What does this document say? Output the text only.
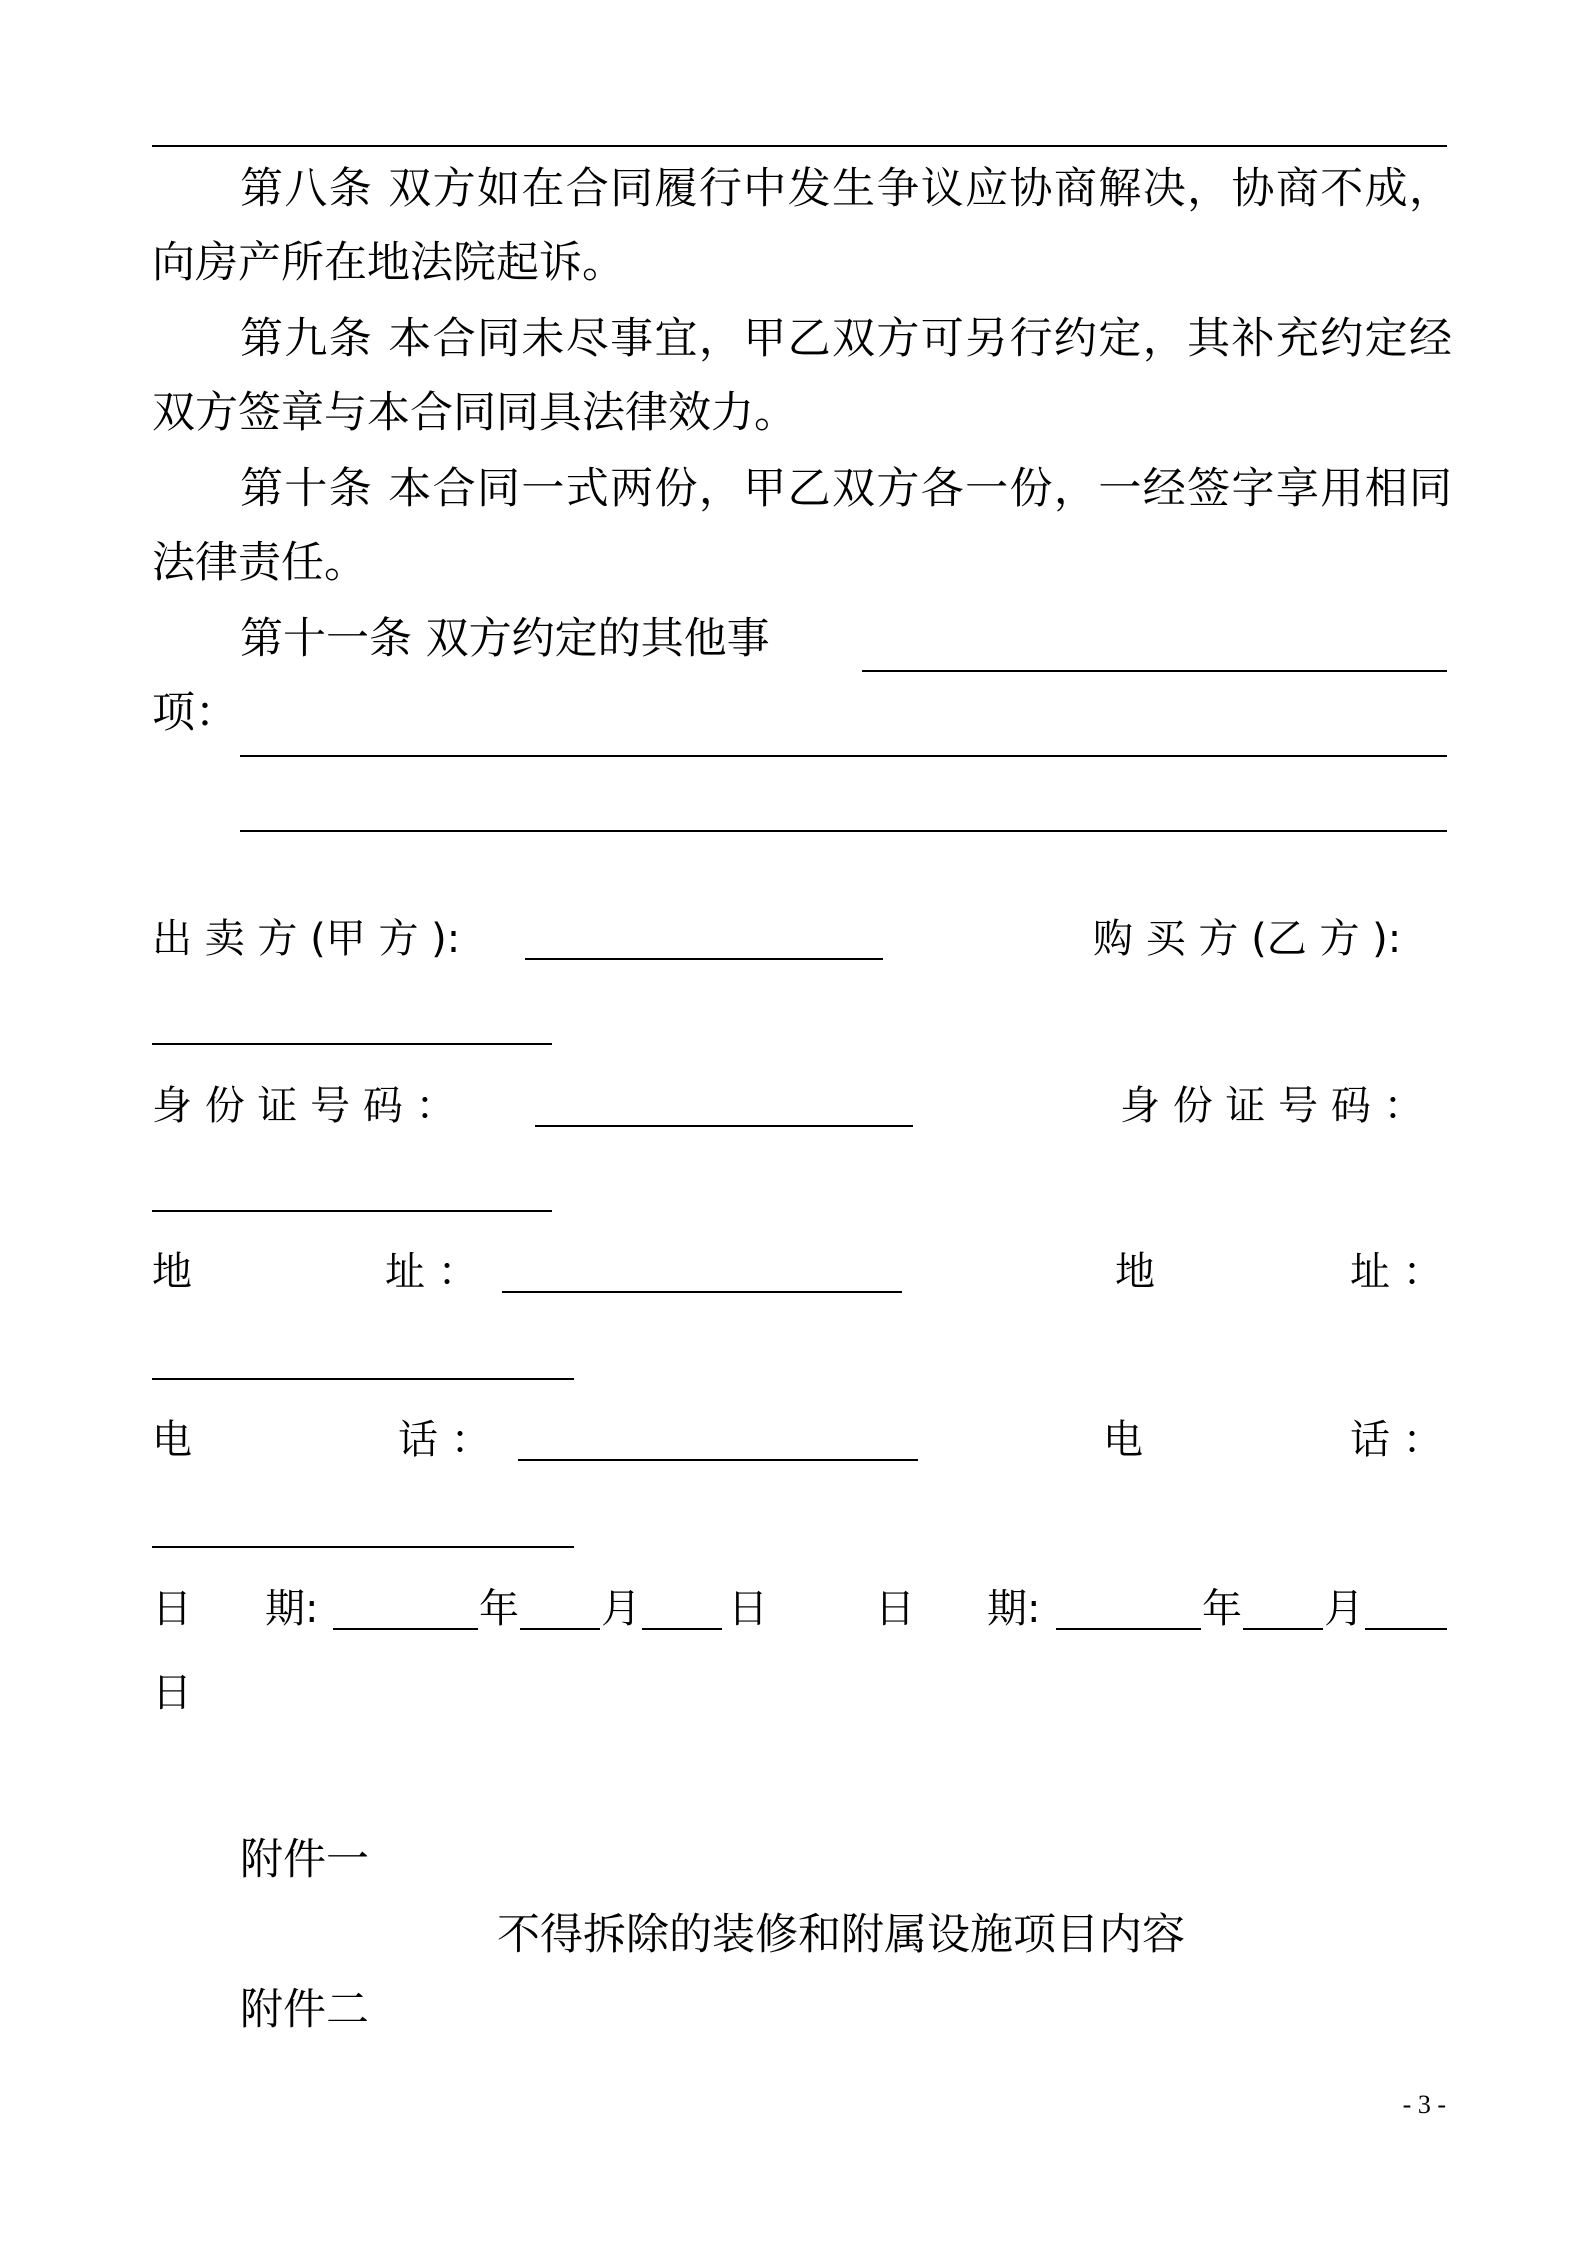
第八条 双方如在合同履行中发生争议应协商解决，协商不成，向房产所在地法院起诉。

第九条 本合同未尽事宜，甲乙双方可另行约定，其补充约定经双方签章与本合同同具法律效力。

第十条 本合同一式两份，甲乙双方各一份，一经签字享用相同法律责任。

第十一条 双方约定的其他事项：

出 卖 方 (甲 方 ):	购 买 方 (乙 方 ):
身 份 证 号 码 ：	身 份 证 号 码 ：
地	址 ：	地	址 ：
电	话 ：	电	话 ：
日 期:	年 月 日	日 期:	年 月
日
附件一
不得拆除的装修和附属设施项目内容
附件二
- 3 -
